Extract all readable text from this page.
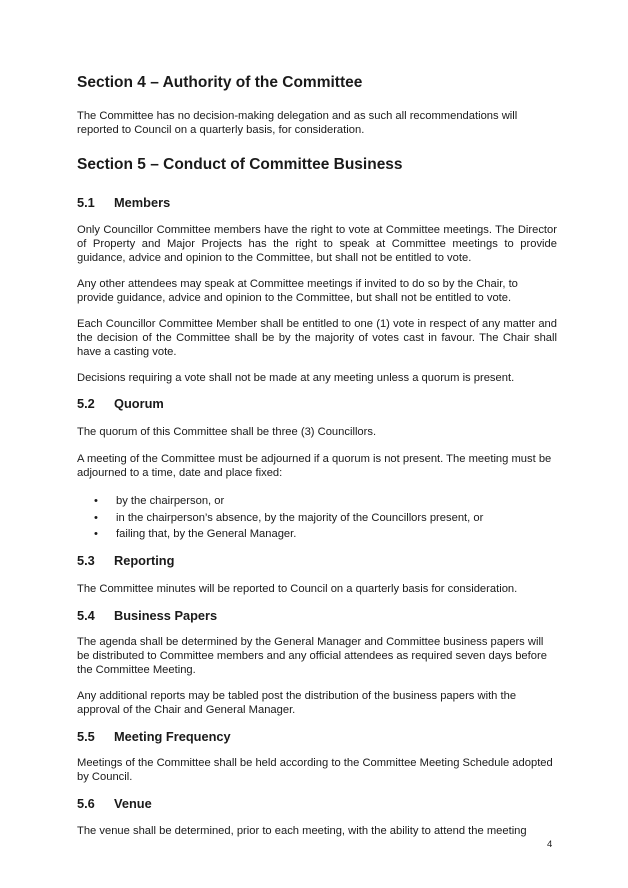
Section 4 – Authority of the Committee

The Committee has no decision-making delegation and as such all recommendations will reported to Council on a quarterly basis, for consideration.

Section 5 – Conduct of Committee Business
5.1 Members

Only Councillor Committee members have the right to vote at Committee meetings. The Director of Property and Major Projects has the right to speak at Committee meetings to provide guidance, advice and opinion to the Committee, but shall not be entitled to vote.

Any other attendees may speak at Committee meetings if invited to do so by the Chair, to provide guidance, advice and opinion to the Committee, but shall not be entitled to vote.

Each Councillor Committee Member shall be entitled to one (1) vote in respect of any matter and the decision of the Committee shall be by the majority of votes cast in favour. The Chair shall have a casting vote.

Decisions requiring a vote shall not be made at any meeting unless a quorum is present.

5.2 Quorum

The quorum of this Committee shall be three (3) Councillors.

A meeting of the Committee must be adjourned if a quorum is not present. The meeting must be adjourned to a time, date and place fixed:

• by the chairperson, or
• in the chairperson’s absence, by the majority of the Councillors present, or
• failing that, by the General Manager.
5.3 Reporting

The Committee minutes will be reported to Council on a quarterly basis for consideration.

5.4 Business Papers

The agenda shall be determined by the General Manager and Committee business papers will be distributed to Committee members and any official attendees as required seven days before the Committee Meeting.

Any additional reports may be tabled post the distribution of the business papers with the approval of the Chair and General Manager.

5.5 Meeting Frequency

Meetings of the Committee shall be held according to the Committee Meeting Schedule adopted by Council.

5.6 Venue

The venue shall be determined, prior to each meeting, with the ability to attend the meeting

4
